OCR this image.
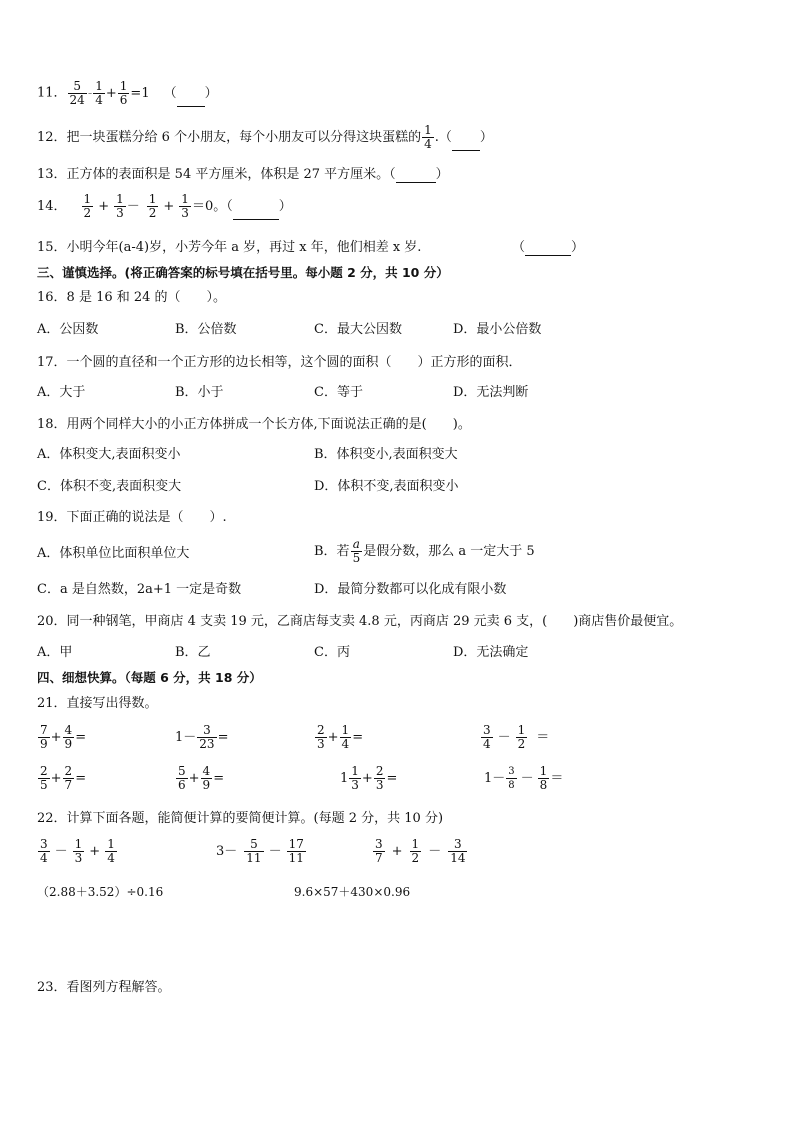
11． $\frac{5}{24} - \frac{1}{4} + \frac{1}{6} =1$ （ ）
12．把一块蛋糕分给 6 个小朋友，每个小朋友可以分得这块蛋糕的 $\frac{1}{4}$ .（ ）
13．正方体的表面积是 54 平方厘米，体积是 27 平方厘米。（	）
14． $\frac{1}{2} + \frac{1}{3} - \frac{1}{2} + \frac{1}{3} =0$。（	）
15．小明今年(a-4)岁，小芳今年 a 岁，再过 x 年，他们相差 x 岁.	（	）
三、谨慎选择。(将正确答案的标号填在括号里。每小题 2 分，共 10 分）
16．8 是 16 和 24 的（　　）。
A．公因数	B．公倍数	C．最大公因数	D．最小公倍数
17．一个圆的直径和一个正方形的边长相等，这个圆的面积（　　）正方形的面积．
A．大于	B．小于	C．等于	D．无法判断
18．用两个同样大小的小正方体拼成一个长方体,下面说法正确的是(　　)。
A．体积变大,表面积变小	B．体积变小,表面积变大
C．体积不变,表面积变大	D．体积不变,表面积变小
19．下面正确的说法是（　　）.
A．体积单位比面积单位大	B．若 $\frac{a}{5}$ 是假分数，那么 a 一定大于 5
C．a 是自然数，2a+1 一定是奇数	D．最简分数都可以化成有限小数
20．同一种钢笔，甲商店 4 支卖 19 元，乙商店每支卖 4.8 元，丙商店 29 元卖 6 支，(　　)商店售价最便宜。
A．甲	B．乙	C．丙	D．无法确定
四、细想快算。（每题 6 分，共 18 分）
21．直接写出得数。
$\frac{7}{9} + \frac{4}{9}$ =	$1- \frac{3}{23}$ =	$\frac{2}{3} + \frac{1}{4}$ =	$\frac{3}{4} - \frac{1}{2}$ ＝
$\frac{2}{5} + \frac{2}{7}$ =	$\frac{5}{6} + \frac{4}{9}$ =	$1 \frac{1}{3} + \frac{2}{3}$ =	$1- \frac{3}{8} - \frac{1}{8}$ ＝
22．计算下面各题，能简便计算的要简便计算。(每题 2 分，共 10 分)
$\frac{3}{4} - \frac{1}{3} + \frac{1}{4}$	$3- \frac{5}{11} - \frac{17}{11}$	$\frac{3}{7} + \frac{1}{2} - \frac{3}{14}$
（2.88＋3.52）÷0.16	9.6×57＋430×0.96
23．看图列方程解答。
